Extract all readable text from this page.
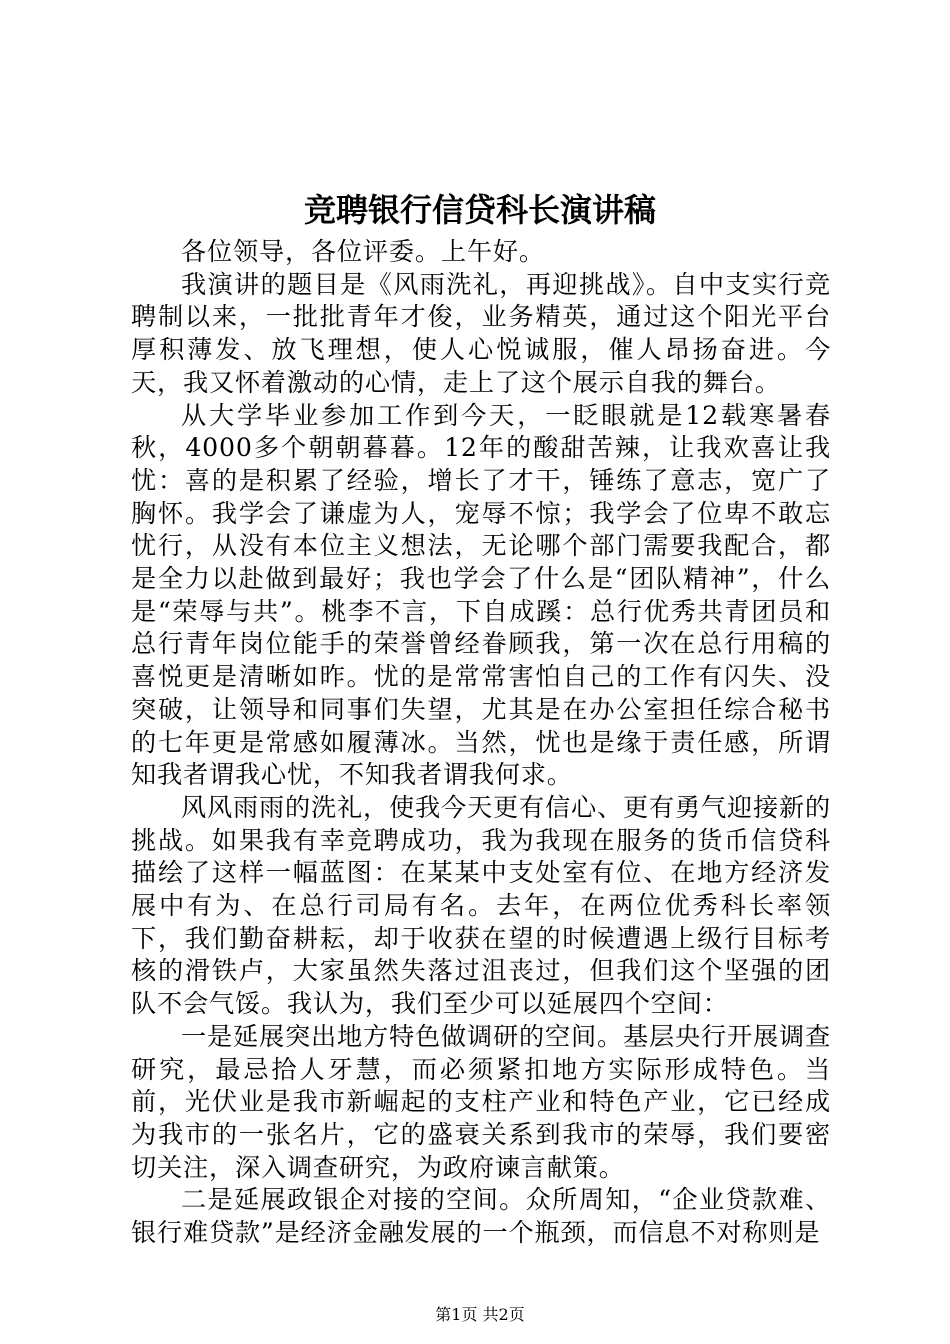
竞聘银行信贷科长演讲稿

各位领导，各位评委。上午好。

我演讲的题目是《风雨洗礼，再迎挑战》。自中支实行竞聘制以来，一批批青年才俊，业务精英，通过这个阳光平台厚积薄发、放飞理想，使人心悦诚服，催人昂扬奋进。今天，我又怀着激动的心情，走上了这个展示自我的舞台。

从大学毕业参加工作到今天，一眨眼就是12载寒暑春秋，4000多个朝朝暮暮。12年的酸甜苦辣，让我欢喜让我忧：喜的是积累了经验，增长了才干，锤练了意志，宽广了胸怀。我学会了谦虚为人，宠辱不惊；我学会了位卑不敢忘忧行，从没有本位主义想法，无论哪个部门需要我配合，都是全力以赴做到最好；我也学会了什么是“团队精神”，什么是“荣辱与共”。桃李不言，下自成蹊：总行优秀共青团员和总行青年岗位能手的荣誉曾经眷顾我，第一次在总行用稿的喜悦更是清晰如昨。忧的是常常害怕自己的工作有闪失、没突破，让领导和同事们失望，尤其是在办公室担任综合秘书的七年更是常感如履薄冰。当然，忧也是缘于责任感，所谓知我者谓我心忧，不知我者谓我何求。

风风雨雨的洗礼，使我今天更有信心、更有勇气迎接新的挑战。如果我有幸竞聘成功，我为我现在服务的货币信贷科描绘了这样一幅蓝图：在某某中支处室有位、在地方经济发展中有为、在总行司局有名。去年，在两位优秀科长率领下，我们勤奋耕耘，却于收获在望的时候遭遇上级行目标考核的滑铁卢，大家虽然失落过沮丧过，但我们这个坚强的团队不会气馁。我认为，我们至少可以延展四个空间：

一是延展突出地方特色做调研的空间。基层央行开展调查研究，最忌拾人牙慧，而必须紧扣地方实际形成特色。当前，光伏业是我市新崛起的支柱产业和特色产业，它已经成为我市的一张名片，它的盛衰关系到我市的荣辱，我们要密切关注，深入调查研究，为政府谏言献策。

二是延展政银企对接的空间。众所周知，“企业贷款难、银行难贷款”是经济金融发展的一个瓶颈，而信息不对称则是

第1页 共2页
